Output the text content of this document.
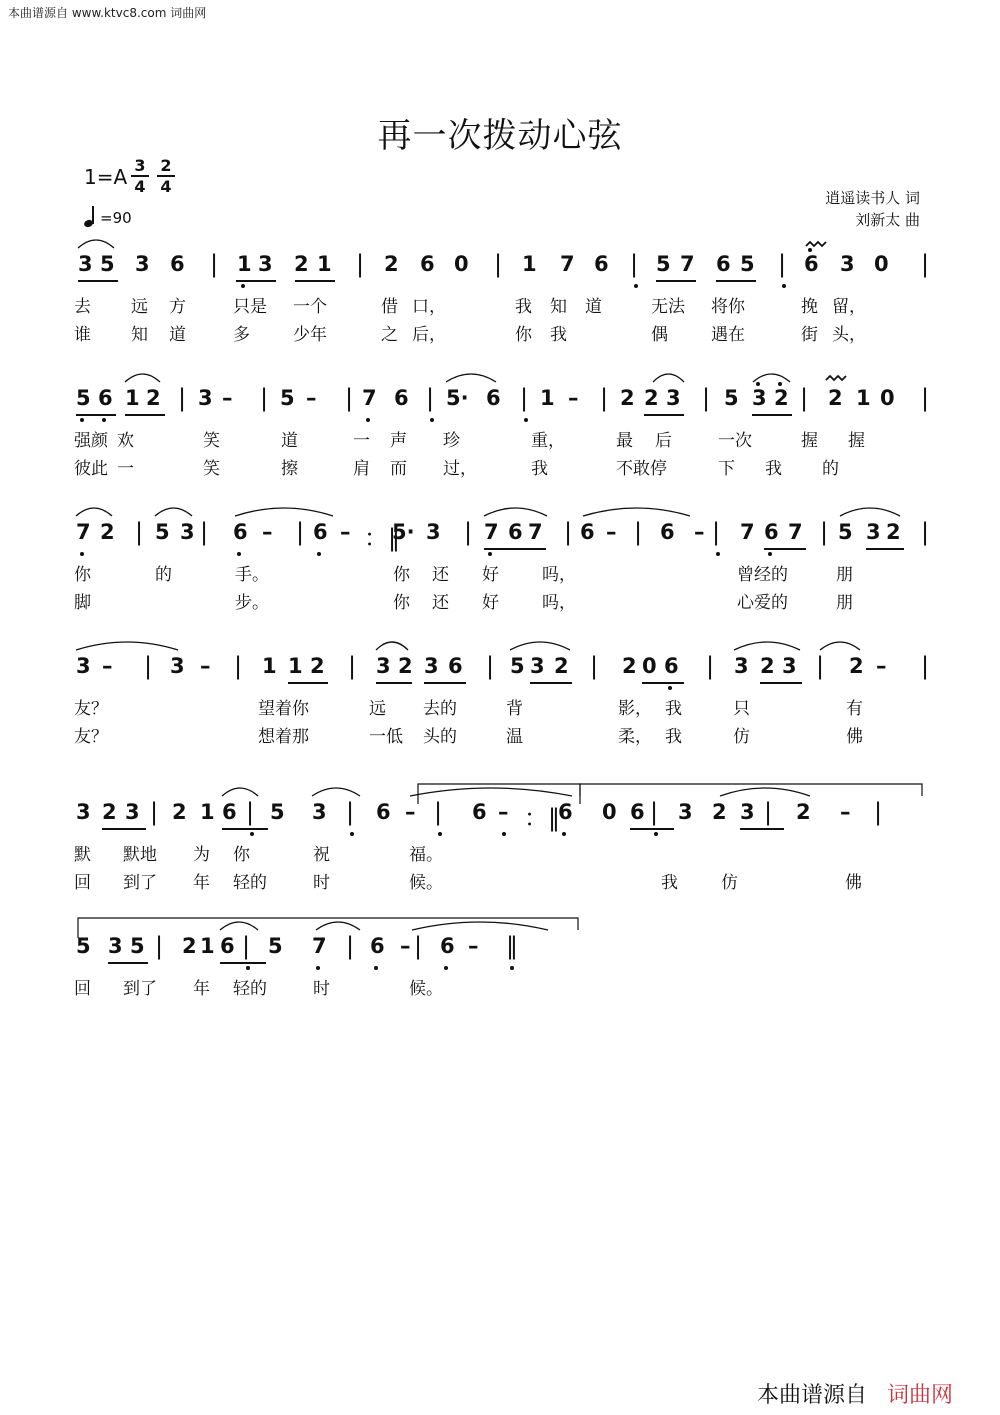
本曲谱源自 www.ktvc8.com 词曲网
再一次拨动心弦
$1=A \frac{3}{4} \frac{2}{4}$
=90
逍遥读书人 词
刘新太 曲
3 5 3 6 | 1 3 2 1 | 2 6 0 | 1 7 6 | 5 7 6 5 | 6 3 0 |
去 远 方	只是 一个	借 口，	我 知 道	无法 将你	挽 留，
谁 知 道	多	少年	之 后，	你 我	偶	遇在	街 头，
5 6 1 2 | 3 – | 5 – | 7 6 | 5· 6 | 1 – | 2 2 3 | 5 3 2 | 2 1 0 |
强颜 欢	笑	道	一 声 珍	重，	最 后	一次	握 握
彼此 一	笑	擦	肩 而 过，	我	不敢 停	下 我 的
7 2 | 5 3 | 6 – | 6 – ：‖
5· 3 | 7 6 7 | 6 – | 6 – | 7 6 7 | 5 3 2 |
你	的	手。	你 还 好	吗，	曾经的	朋
脚	步。	你 还 好	吗，	心爱的	朋
3 – | 3 – | 1 1 2 | 3 2 3 6 | 5 3 2 | 2 0 6 | 3 2 3 | 2 – |
友？	望着你	远 去的	背	影， 我	只	有
友？	想着那	一低 头的	温	柔， 我	仿	佛
3 2 3 | 2 1 6 | 5 3 | 6 – | 6 – ：‖
6 0 6 | 3 2 3 | 2 – |
默 默地 为 你	祝	福。
回 到了 年 轻的	时	候。	我	仿	佛
5 3 5 | 2 1 6 | 5 7 | 6 – | 6 – ‖
回 到了 年 轻的	时	候。
本曲谱源自 词曲网
